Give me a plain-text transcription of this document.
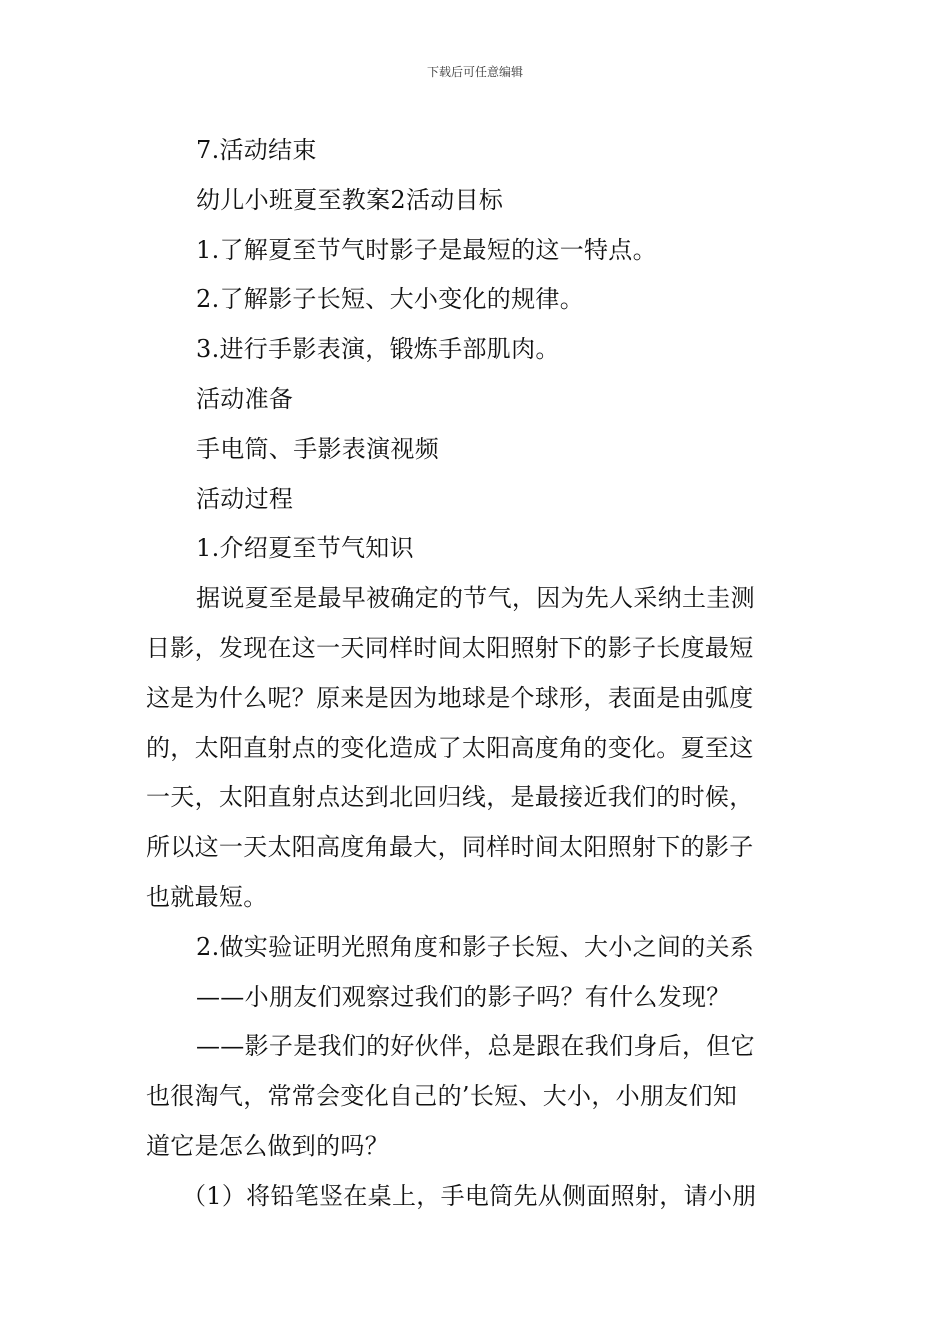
下载后可任意编辑
7.活动结束
幼儿小班夏至教案2活动目标
1.了解夏至节气时影子是最短的这一特点。
2.了解影子长短、大小变化的规律。
3.进行手影表演，锻炼手部肌肉。
活动准备
手电筒、手影表演视频
活动过程
1.介绍夏至节气知识
据说夏至是最早被确定的节气，因为先人采纳土圭测
日影，发现在这一天同样时间太阳照射下的影子长度最短
这是为什么呢？原来是因为地球是个球形，表面是由弧度
的，太阳直射点的变化造成了太阳高度角的变化。夏至这
一天，太阳直射点达到北回归线，是最接近我们的时候，
所以这一天太阳高度角最大，同样时间太阳照射下的影子
也就最短。
2.做实验证明光照角度和影子长短、大小之间的关系
——小朋友们观察过我们的影子吗？有什么发现？
——影子是我们的好伙伴，总是跟在我们身后，但它
也很淘气，常常会变化自己的’长短、大小，小朋友们知
道它是怎么做到的吗？
（1）将铅笔竖在桌上，手电筒先从侧面照射，请小朋
